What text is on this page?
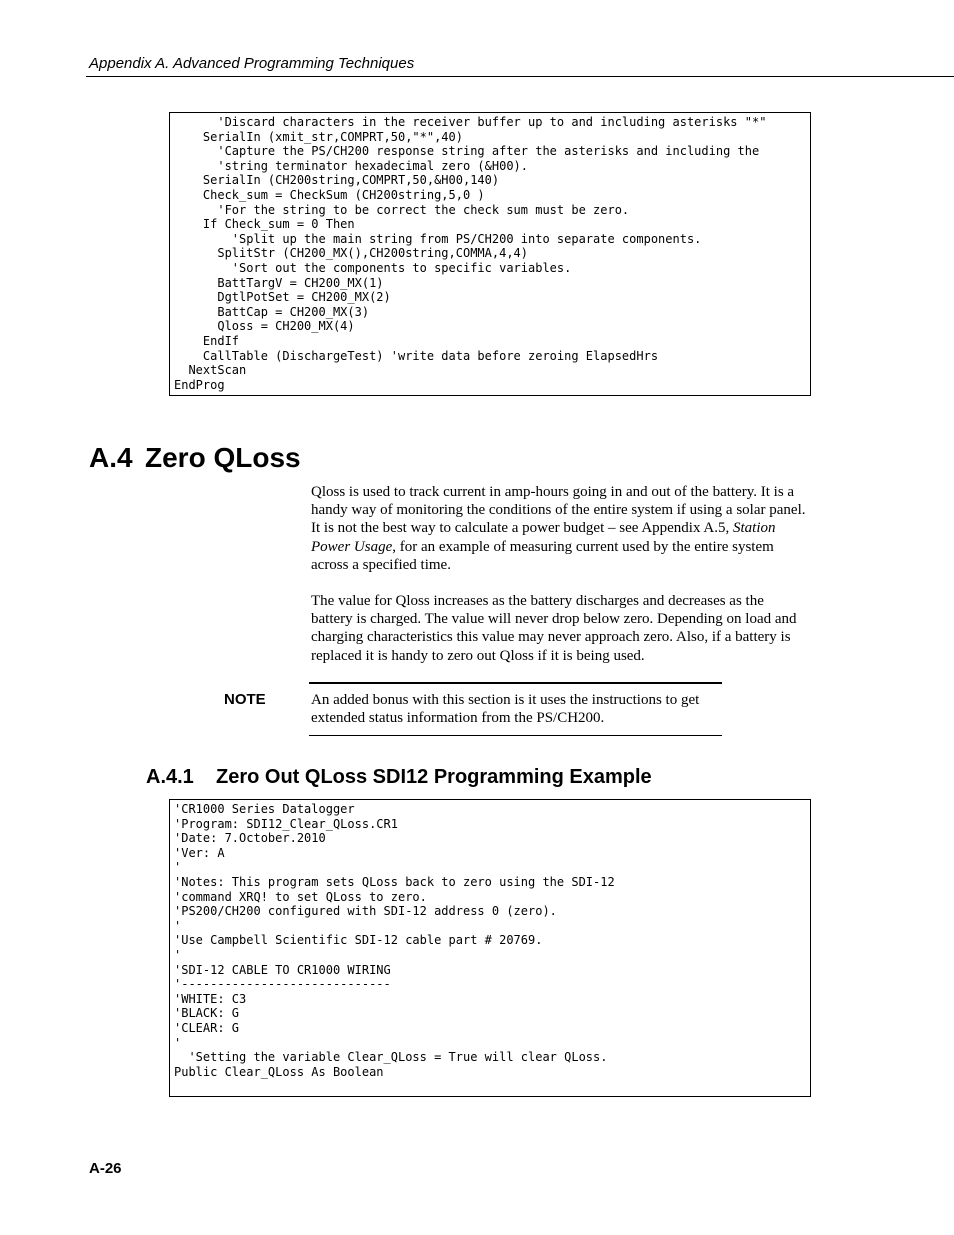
Appendix A. Advanced Programming Techniques
'Discard characters in the receiver buffer up to and including asterisks "*"
SerialIn (xmit_str,COMPRT,50,"*",40)
'Capture the PS/CH200 response string after the asterisks and including the
'string terminator hexadecimal zero (&H00).
SerialIn (CH200string,COMPRT,50,&H00,140)
Check_sum = CheckSum (CH200string,5,0 )
'For the string to be correct the check sum must be zero.
If Check_sum = 0 Then
'Split up the main string from PS/CH200 into separate components.
SplitStr (CH200_MX(),CH200string,COMMA,4,4)
'Sort out the components to specific variables.
BattTargV = CH200_MX(1)
DgtlPotSet = CH200_MX(2)
BattCap = CH200_MX(3)
Qloss = CH200_MX(4)
EndIf
CallTable (DischargeTest) 'write data before zeroing ElapsedHrs
NextScan
EndProg
A.4 Zero QLoss

Qloss is used to track current in amp-hours going in and out of the battery. It is a handy way of monitoring the conditions of the entire system if using a solar panel. It is not the best way to calculate a power budget – see Appendix A.5, Station Power Usage, for an example of measuring current used by the entire system across a specified time.

The value for Qloss increases as the battery discharges and decreases as the battery is charged. The value will never drop below zero. Depending on load and charging characteristics this value may never approach zero. Also, if a battery is replaced it is handy to zero out Qloss if it is being used.

NOTE	An added bonus with this section is it uses the instructions to get extended status information from the PS/CH200.

A.4.1 Zero Out QLoss SDI12 Programming Example
'CR1000 Series Datalogger
'Program: SDI12_Clear_QLoss.CR1
'Date: 7.October.2010
'Ver: A
'
'Notes: This program sets QLoss back to zero using the SDI-12
'command XRQ! to set QLoss to zero.
'PS200/CH200 configured with SDI-12 address 0 (zero).
'
'Use Campbell Scientific SDI-12 cable part # 20769.
'
'SDI-12 CABLE TO CR1000 WIRING
'-----------------------------
'WHITE: C3
'BLACK: G
'CLEAR: G
'
'Setting the variable Clear_QLoss = True will clear QLoss.
Public Clear_QLoss As Boolean
A-26
